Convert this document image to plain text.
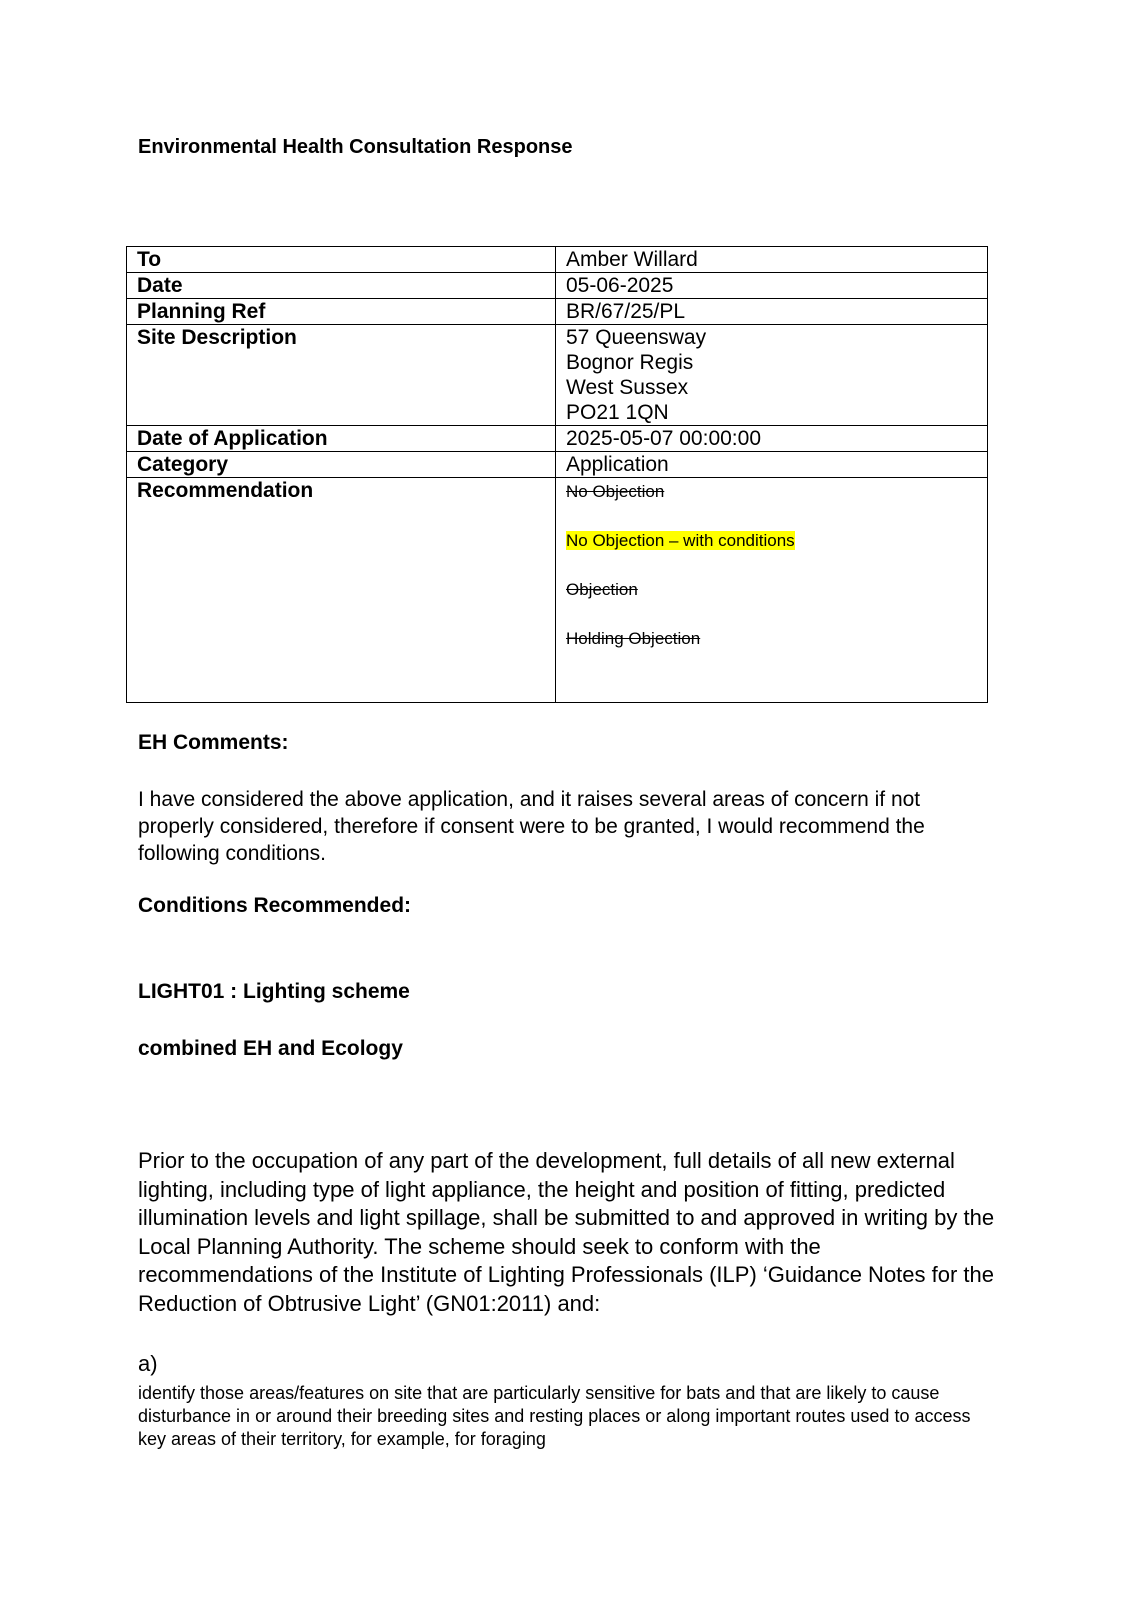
Environmental Health Consultation Response
To	Amber Willard
Date	05-06-2025
Planning Ref	BR/67/25/PL
Site Description	57 Queensway
Bognor Regis
West Sussex
PO21 1QN

Date of Application	2025-05-07 00:00:00
Category	Application
Recommendation	No Objection
No Objection – with conditions
Objection
Holding Objection
EH Comments:

I have considered the above application, and it raises several areas of concern if not properly considered, therefore if consent were to be granted, I would recommend the following conditions.

Conditions Recommended:
LIGHT01 : Lighting scheme
combined EH and Ecology

Prior to the occupation of any part of the development, full details of all new external lighting, including type of light appliance, the height and position of fitting, predicted illumination levels and light spillage, shall be submitted to and approved in writing by the Local Planning Authority. The scheme should seek to conform with the recommendations of the Institute of Lighting Professionals (ILP) ‘Guidance Notes for the Reduction of Obtrusive Light’ (GN01:2011) and:

a)

identify those areas/features on site that are particularly sensitive for bats and that are likely to cause disturbance in or around their breeding sites and resting places or along important routes used to access key areas of their territory, for example, for foraging
